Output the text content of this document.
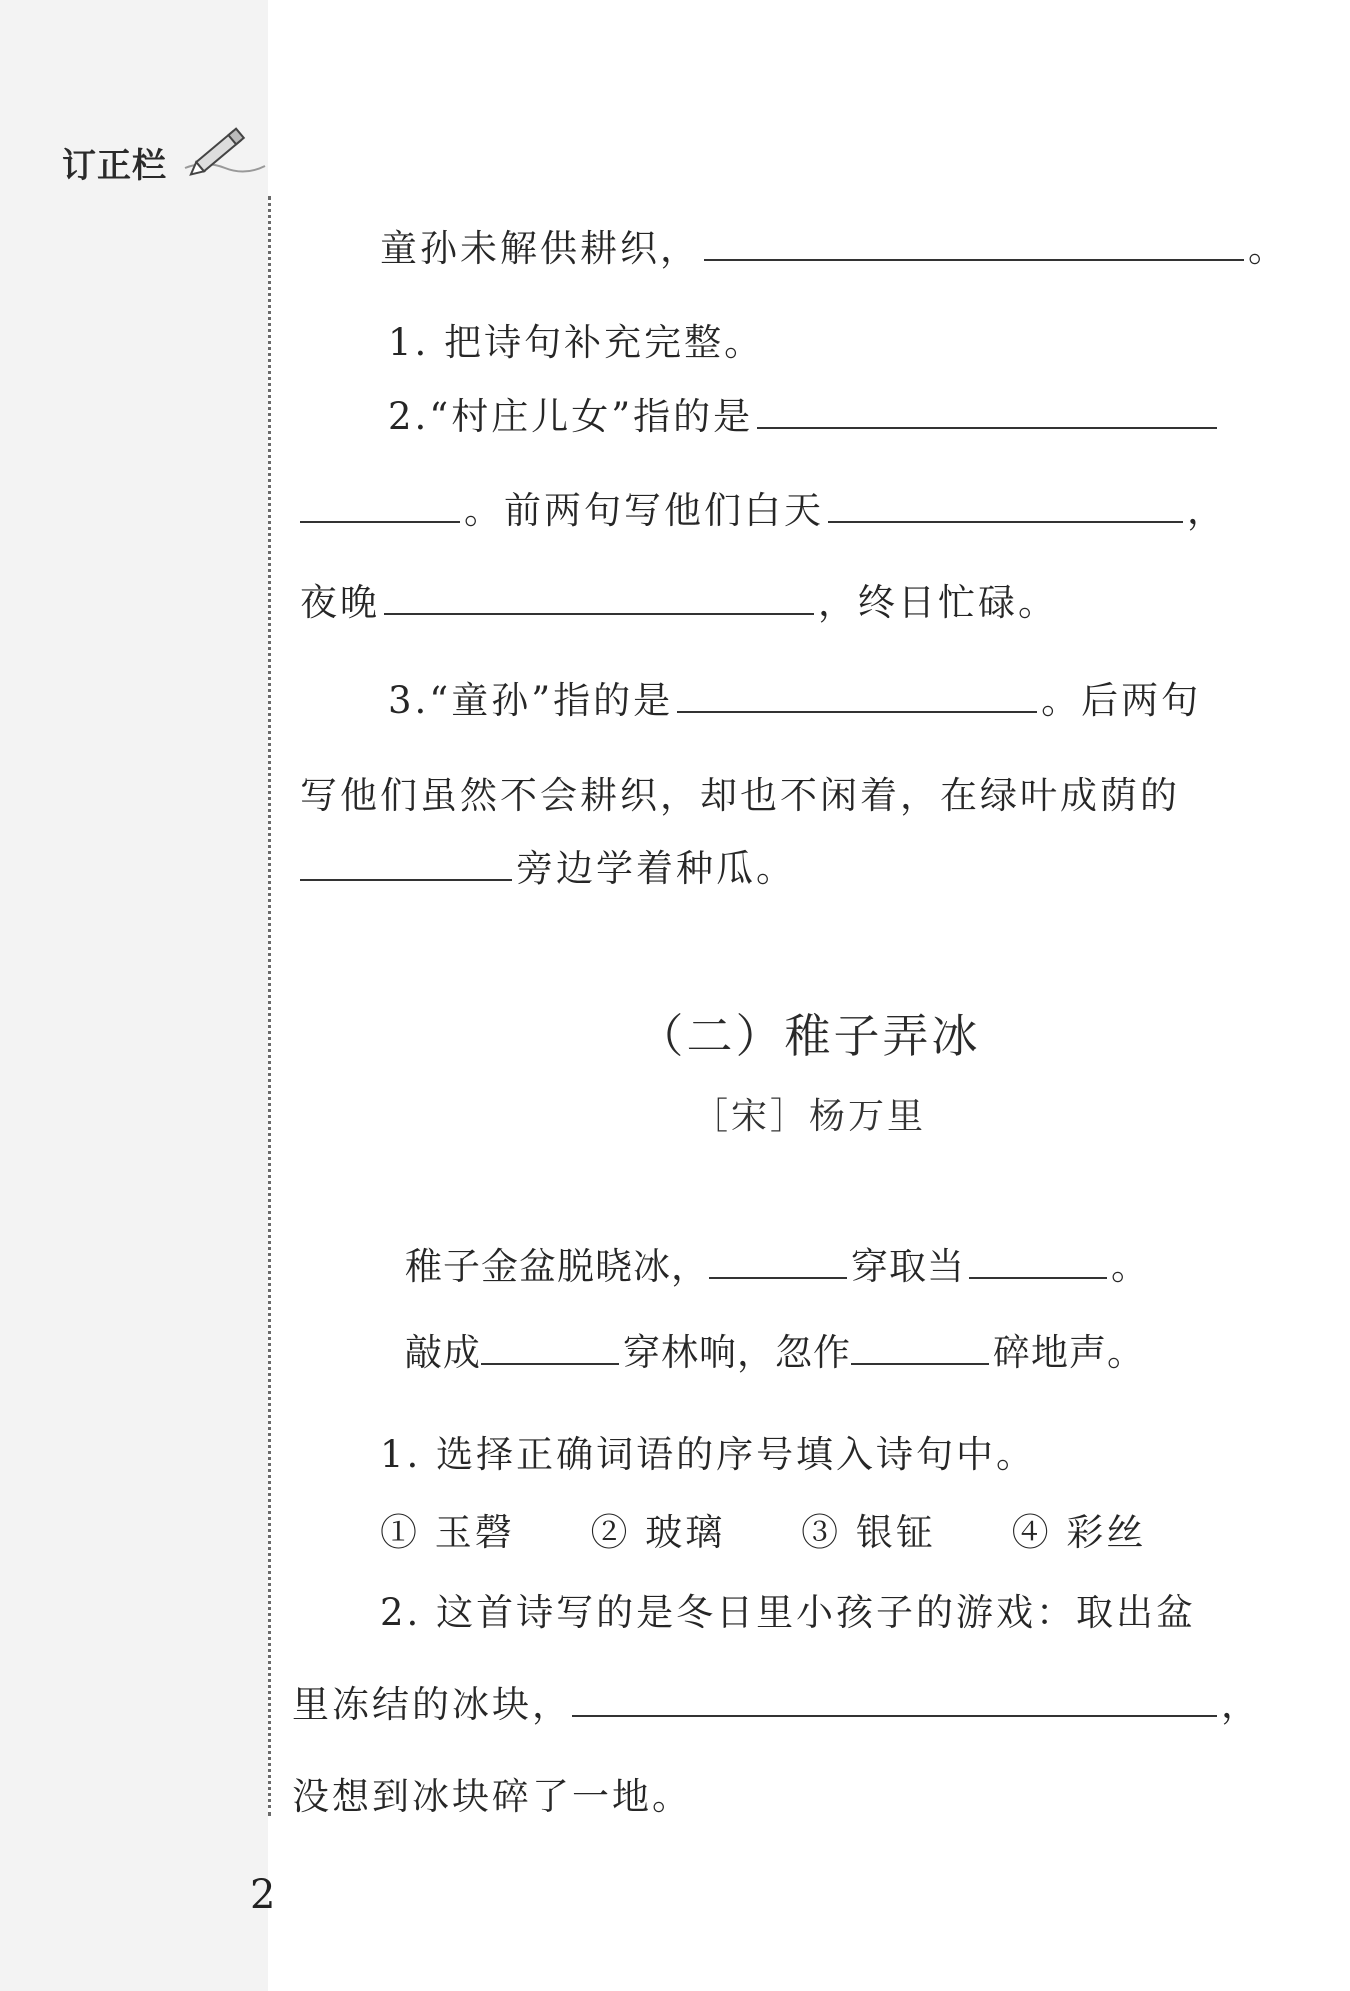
订正栏
童孙未解供耕织，	。
1. 把诗句补充完整。
2.“村庄儿女”指的是
。前两句写他们白天	，
夜晚	，终日忙碌。
3.“童孙”指的是	。后两句
写他们虽然不会耕织，却也不闲着，在绿叶成荫的
旁边学着种瓜。
（二）稚子弄冰
［宋］杨万里
稚子金盆脱晓冰，	穿取当	。
敲成	穿林响，忽作	碎地声。
1. 选择正确词语的序号填入诗句中。
① 玉磬 ② 玻璃 ③ 银钲 ④ 彩丝
2. 这首诗写的是冬日里小孩子的游戏：取出盆
里冻结的冰块，	，
没想到冰块碎了一地。
2
